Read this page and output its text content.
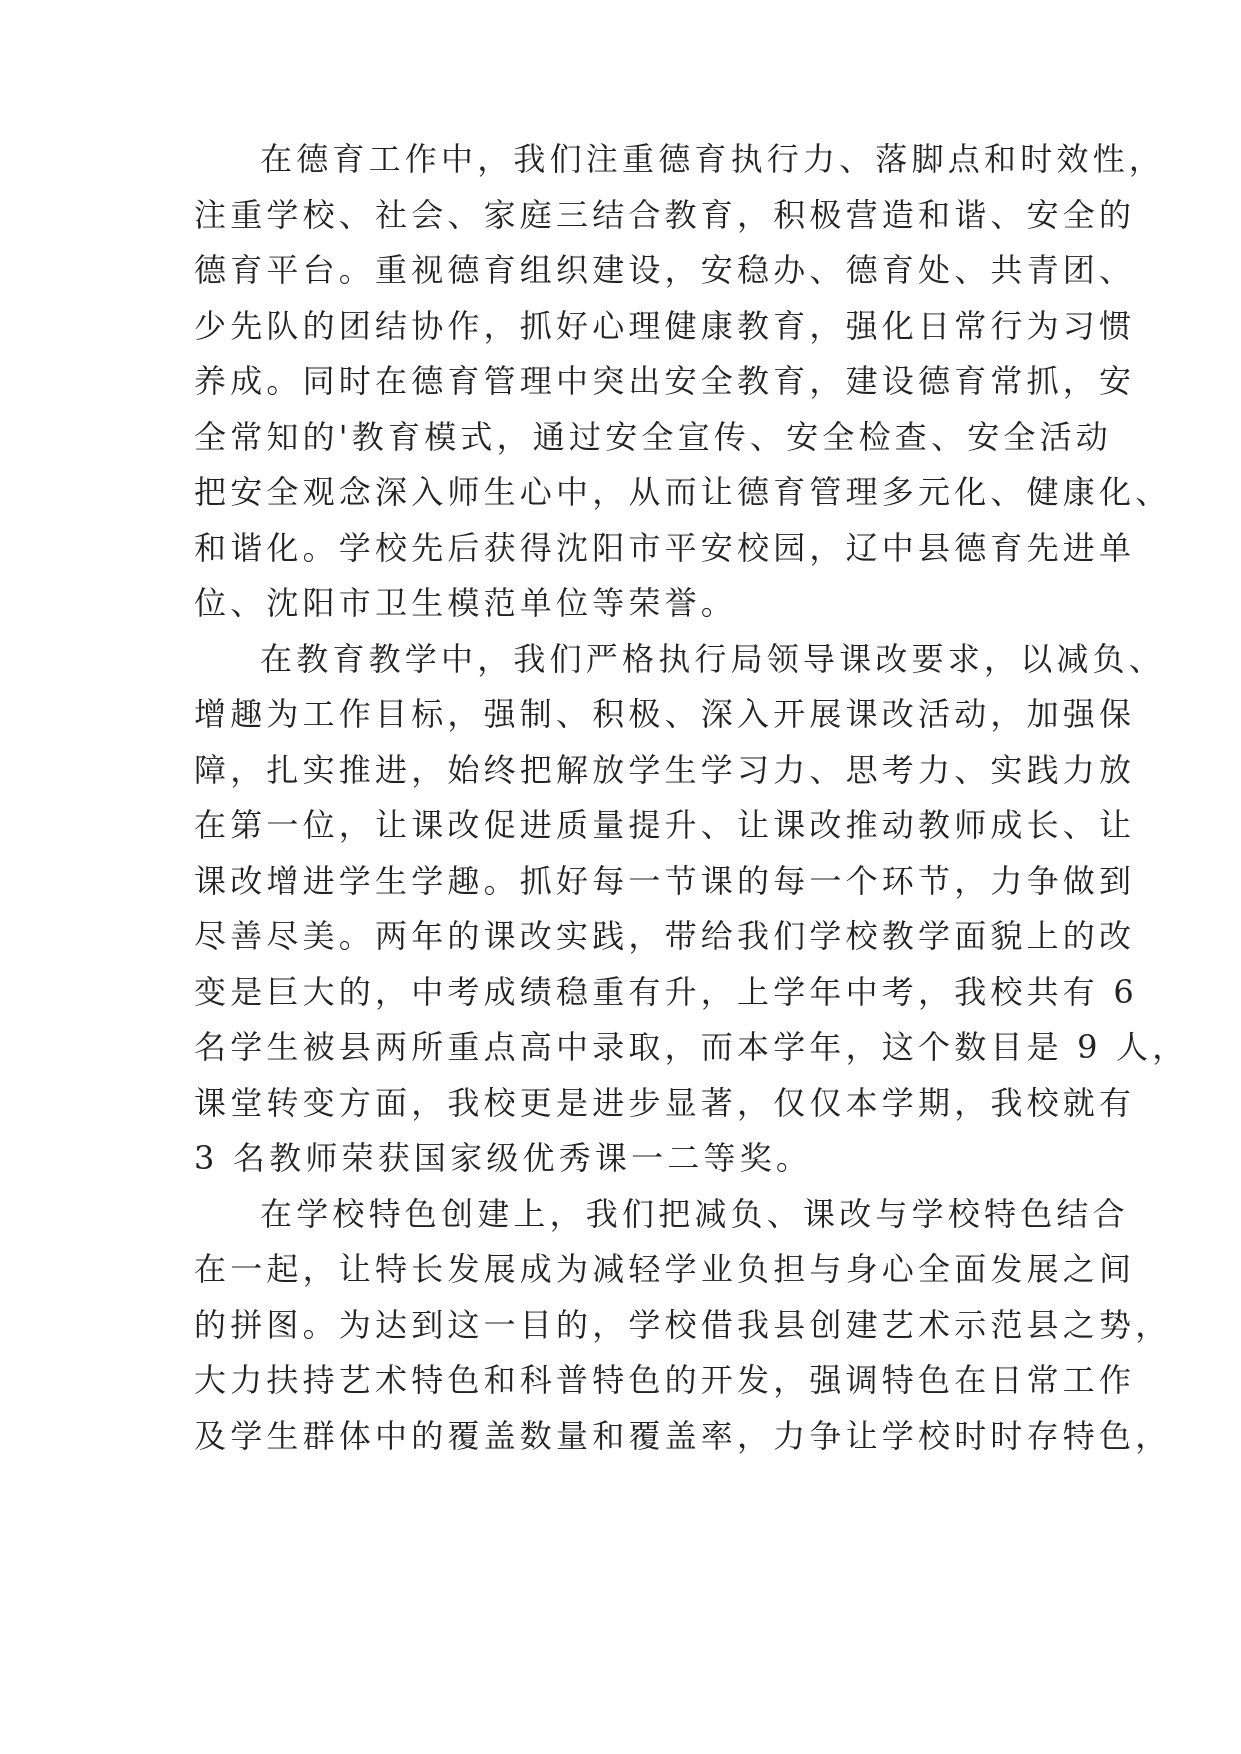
在德育工作中，我们注重德育执行力、落脚点和时效性，
注重学校、社会、家庭三结合教育，积极营造和谐、安全的
德育平台。重视德育组织建设，安稳办、德育处、共青团、
少先队的团结协作，抓好心理健康教育，强化日常行为习惯
养成。同时在德育管理中突出安全教育，建设德育常抓，安
全常知的'教育模式，通过安全宣传、安全检查、安全活动
把安全观念深入师生心中，从而让德育管理多元化、健康化、
和谐化。学校先后获得沈阳市平安校园，辽中县德育先进单
位、沈阳市卫生模范单位等荣誉。
在教育教学中，我们严格执行局领导课改要求，以减负、
增趣为工作目标，强制、积极、深入开展课改活动，加强保
障，扎实推进，始终把解放学生学习力、思考力、实践力放
在第一位，让课改促进质量提升、让课改推动教师成长、让
课改增进学生学趣。抓好每一节课的每一个环节，力争做到
尽善尽美。两年的课改实践，带给我们学校教学面貌上的改
变是巨大的，中考成绩稳重有升，上学年中考，我校共有 6
名学生被县两所重点高中录取，而本学年，这个数目是 9 人，
课堂转变方面，我校更是进步显著，仅仅本学期，我校就有
3 名教师荣获国家级优秀课一二等奖。
在学校特色创建上，我们把减负、课改与学校特色结合
在一起，让特长发展成为减轻学业负担与身心全面发展之间
的拼图。为达到这一目的，学校借我县创建艺术示范县之势，
大力扶持艺术特色和科普特色的开发，强调特色在日常工作
及学生群体中的覆盖数量和覆盖率，力争让学校时时存特色，
